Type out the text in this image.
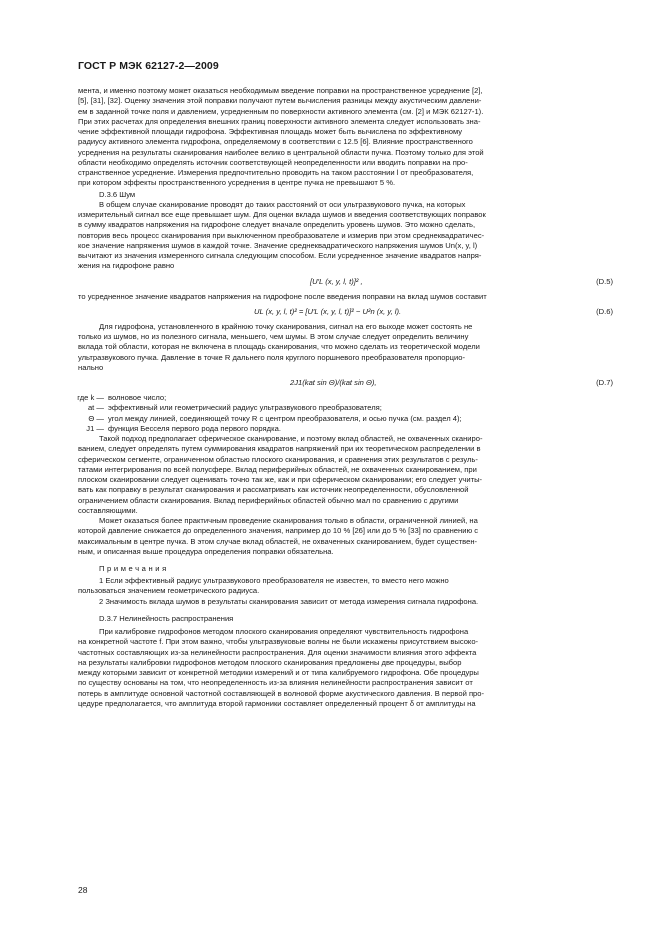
ГОСТ Р МЭК 62127-2—2009

мента, и именно поэтому может оказаться необходимым введение поправки на пространственное усреднение [2],

[5], [31], [32]. Оценку значения этой поправки получают путем вычисления разницы между акустическим давлени-

ем в заданной точке поля и давлением, усредненным по поверхности активного элемента (см. [2] и МЭК 62127-1).

При этих расчетах для определения внешних границ поверхности активного элемента следует использовать зна-

чение эффективной площади гидрофона. Эффективная площадь может быть вычислена по эффективному

радиусу активного элемента гидрофона, определяемому в соответствии с 12.5 [6]. Влияние пространственного

усреднения на результаты сканирования наиболее велико в центральной области пучка. Поэтому только для этой

области необходимо определять источник соответствующей неопределенности или вводить поправки на про-

странственное усреднение. Измерения предпочтительно проводить на таком расстоянии l от преобразователя,

при котором эффекты пространственного усреднения в центре пучка не превышают 5 %.

D.3.6 Шум

В общем случае сканирование проводят до таких расстояний от оси ультразвукового пучка, на которых

измерительный сигнал все еще превышает шум. Для оценки вклада шумов и введения соответствующих поправок

в сумму квадратов напряжения на гидрофоне следует вначале определить уровень шумов. Это можно сделать,

повторив весь процесс сканирования при выключенном преобразователе и измерив при этом среднеквадратичес-

кое значение напряжения шумов в каждой точке. Значение среднеквадратического напряжения шумов Un(x, y, l)

вычитают из значения измеренного сигнала следующим способом. Если усредненное значение квадратов напря-

жения на гидрофоне равно

[U′L (x, y, l, t)]² ,	(D.5)

то усредненное значение квадратов напряжения на гидрофоне после введения поправки на вклад шумов составит

UL (x, y, l, t)² = [U′L (x, y, l, t)]² − U²n (x, y, l).	(D.6)

Для гидрофона, установленного в крайнюю точку сканирования, сигнал на его выходе может состоять не

только из шумов, но из полезного сигнала, меньшего, чем шумы. В этом случае следует определить величину

вклада той области, которая не включена в площадь сканирования, что можно сделать из теоретической модели

ультразвукового пучка. Давление в точке R дальнего поля круглого поршневого преобразователя пропорцио-

нально

2J1(kat sin Θ)/(kat sin Θ),	(D.7)
где k — волновое число;
at — эффективный или геометрический радиус ультразвукового преобразователя;
Θ — угол между линией, соединяющей точку R с центром преобразователя, и осью пучка (см. раздел 4);
J1 — функция Бесселя первого рода первого порядка.

Такой подход предполагает сферическое сканирование, и поэтому вклад областей, не охваченных сканиро-

ванием, следует определять путем суммирования квадратов напряжений при их теоретическом распределении в

сферическом сегменте, ограниченном областью плоского сканирования, и сравнения этих результатов с резуль-

татами интегрирования по всей полусфере. Вклад периферийных областей, не охваченных сканированием, при

плоском сканировании следует оценивать точно так же, как и при сферическом сканировании; его следует учиты-

вать как поправку в результат сканирования и рассматривать как источник неопределенности, обусловленной

ограничением области сканирования. Вклад периферийных областей обычно мал по сравнению с другими

составляющими.

Может оказаться более практичным проведение сканирования только в области, ограниченной линией, на

которой давление снижается до определенного значения, например до 10 % [26] или до 5 % [33] по сравнению с

максимальным в центре пучка. В этом случае вклад областей, не охваченных сканированием, будет существен-

ным, и описанная выше процедура определения поправки обязательна.

Примечания

1 Если эффективный радиус ультразвукового преобразователя не известен, то вместо него можно

пользоваться значением геометрического радиуса.

2 Значимость вклада шумов в результаты сканирования зависит от метода измерения сигнала гидрофона.

D.3.7 Нелинейность распространения

При калибровке гидрофонов методом плоского сканирования определяют чувствительность гидрофона

на конкретной частоте f. При этом важно, чтобы ультразвуковые волны не были искажены присутствием высоко-

частотных составляющих из-за нелинейности распространения. Для оценки значимости влияния этого эффекта

на результаты калибровки гидрофонов методом плоского сканирования предложены две процедуры, выбор

между которыми зависит от конкретной методики измерений и от типа калибруемого гидрофона. Обе процедуры

по существу основаны на том, что неопределенность из-за влияния нелинейности распространения зависит от

потерь в амплитуде основной частотной составляющей в волновой форме акустического давления. В первой про-

цедуре предполагается, что амплитуда второй гармоники составляет определенный процент δ от амплитуды на

28
